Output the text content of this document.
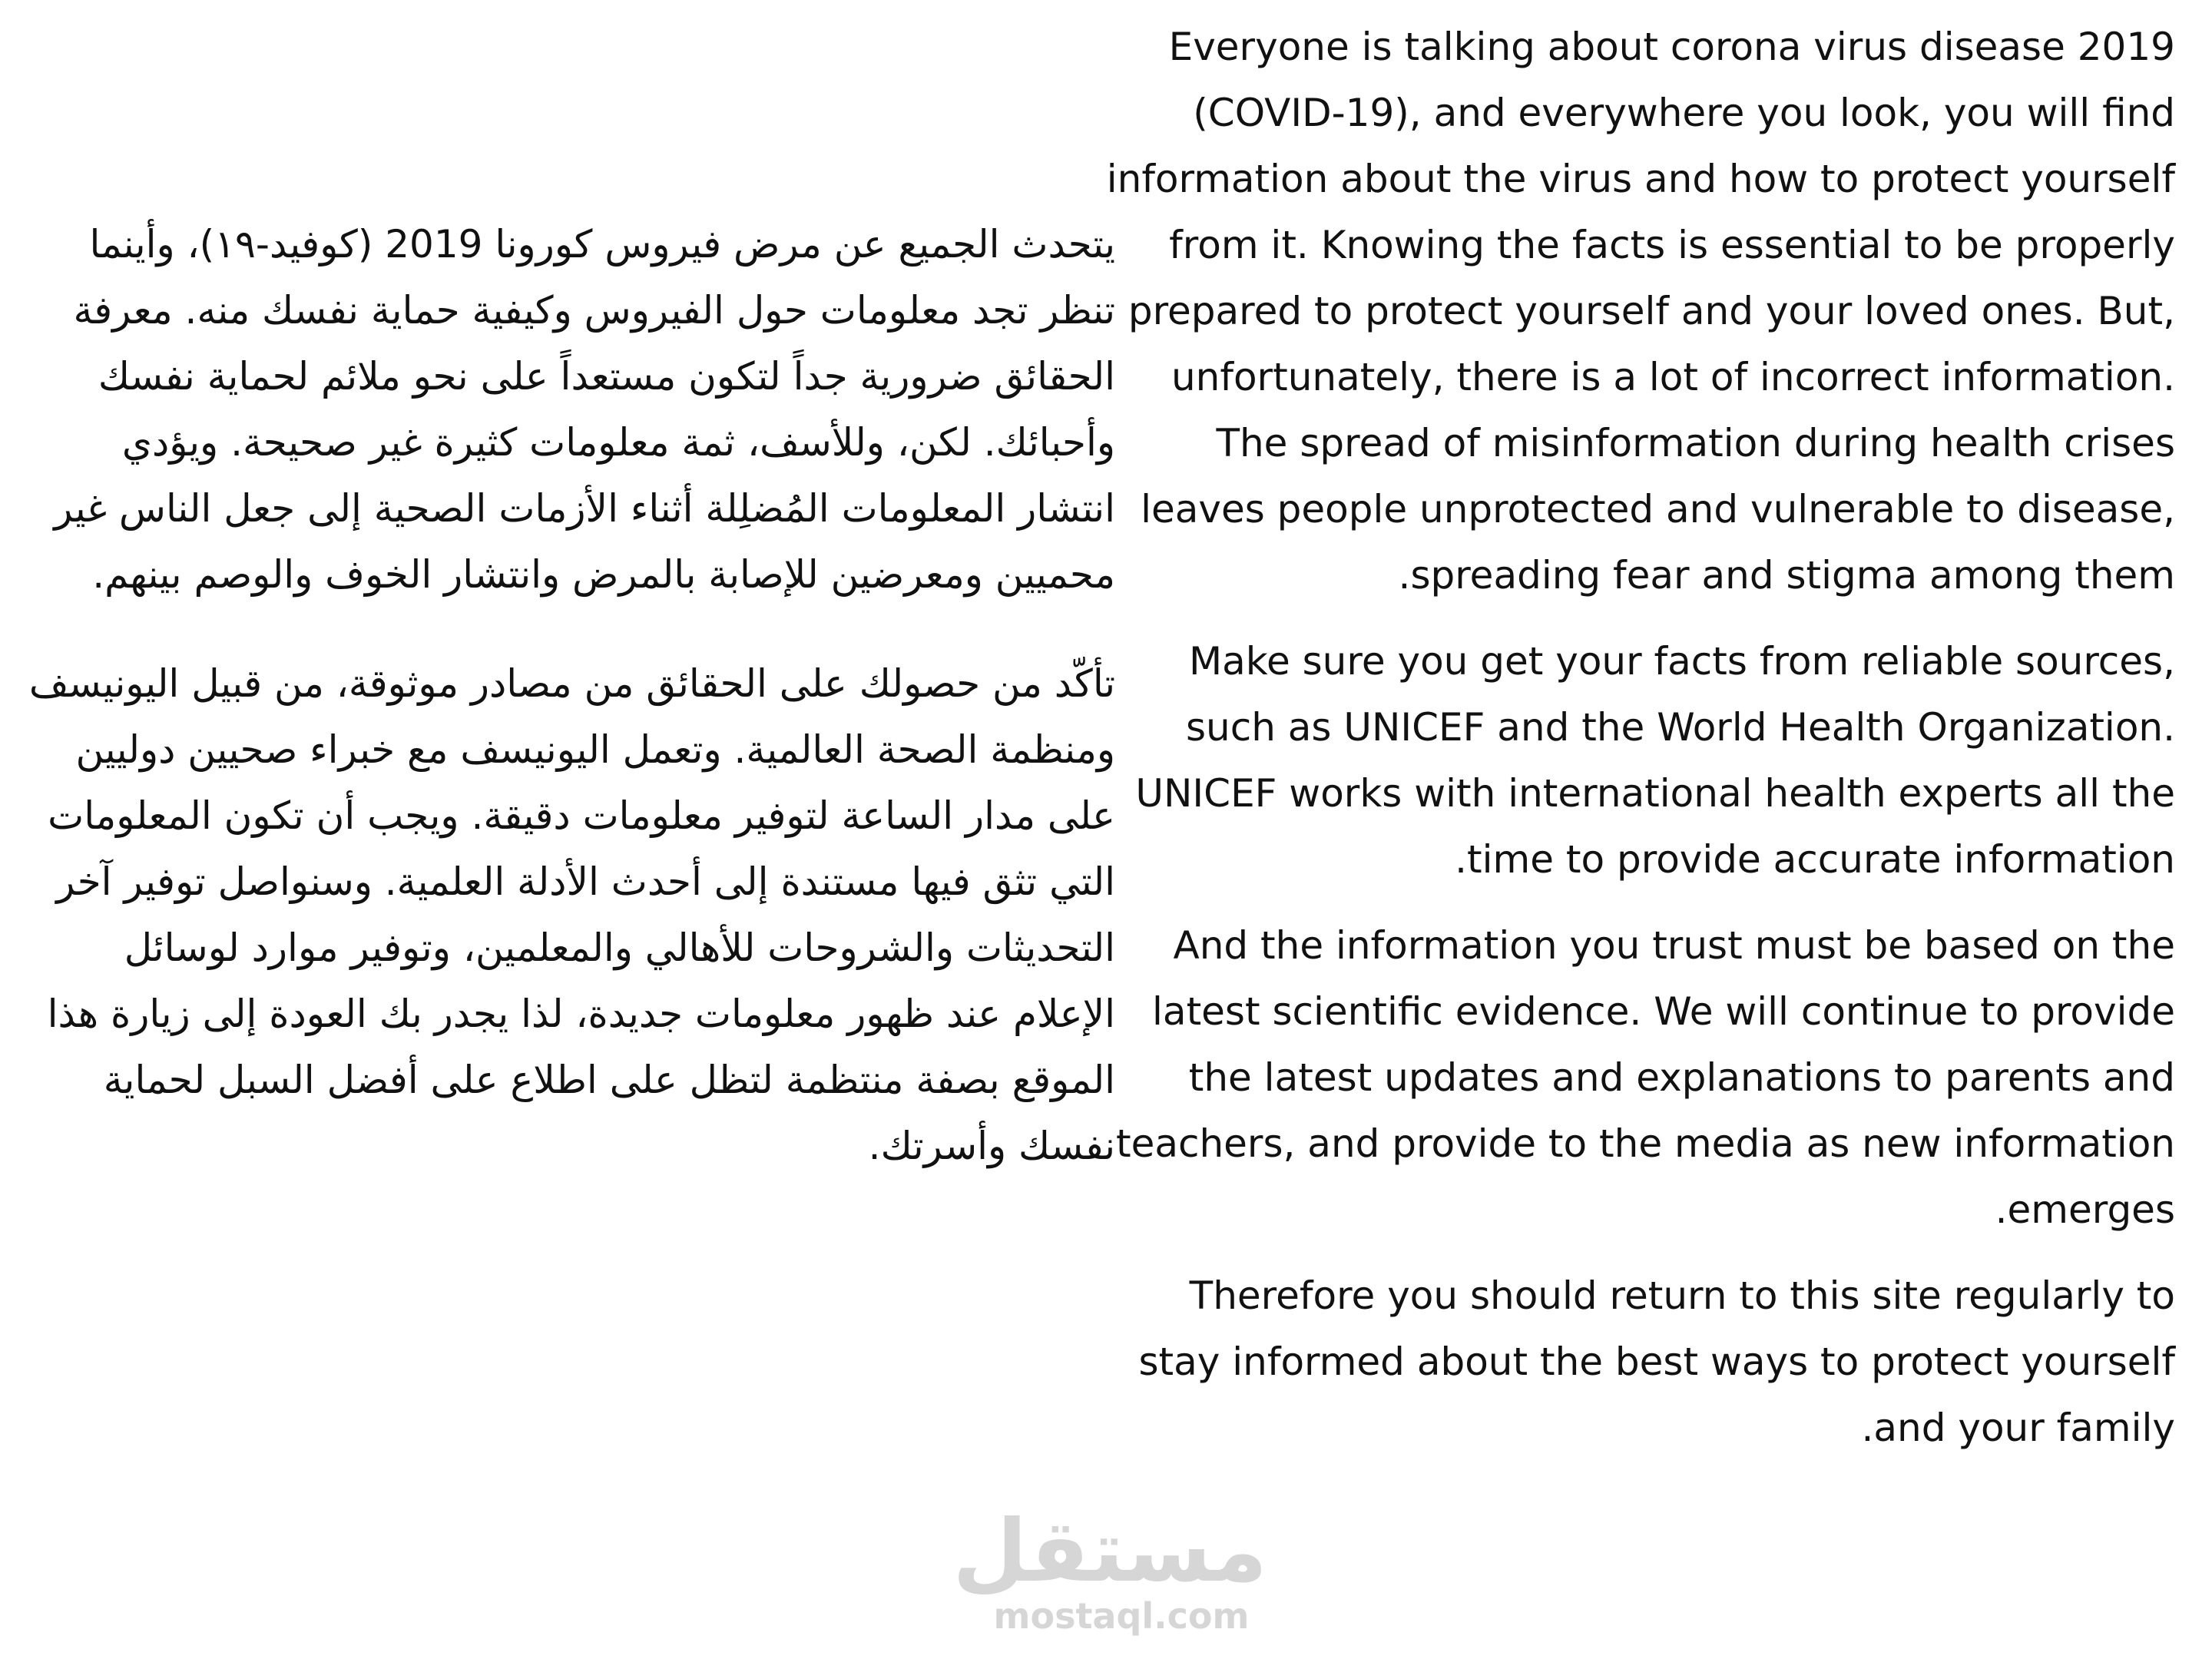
يتحدث الجميع عن مرض فيروس كورونا 2019 (كوفيد-١٩)، وأينما تنظر تجد معلومات حول الفيروس وكيفية حماية نفسك منه. معرفة الحقائق ضرورية جداً لتكون مستعداً على نحو ملائم لحماية نفسك وأحبائك. لكن، وللأسف، ثمة معلومات كثيرة غير صحيحة. ويؤدي انتشار المعلومات المُضلِلة أثناء الأزمات الصحية إلى جعل الناس غير محميين ومعرضين للإصابة بالمرض وانتشار الخوف والوصم بينهم.

تأكّد من حصولك على الحقائق من مصادر موثوقة، من قبيل اليونيسف ومنظمة الصحة العالمية. وتعمل اليونيسف مع خبراء صحيين دوليين على مدار الساعة لتوفير معلومات دقيقة. ويجب أن تكون المعلومات التي تثق فيها مستندة إلى أحدث الأدلة العلمية. وسنواصل توفير آخر التحديثات والشروحات للأهالي والمعلمين، وتوفير موارد لوسائل الإعلام عند ظهور معلومات جديدة، لذا يجدر بك العودة إلى زيارة هذا الموقع بصفة منتظمة لتظل على اطلاع على أفضل السبل لحماية نفسك وأسرتك.

Everyone is talking about corona virus disease 2019 (COVID-19), and everywhere you look, you will find information about the virus and how to protect yourself from it. Knowing the facts is essential to be properly prepared to protect yourself and your loved ones. But, unfortunately, there is a lot of incorrect information. The spread of misinformation during health crises leaves people unprotected and vulnerable to disease, spreading fear and stigma among them.

Make sure you get your facts from reliable sources, such as UNICEF and the World Health Organization. UNICEF works with international health experts all the time to provide accurate information.

And the information you trust must be based on the latest scientific evidence. We will continue to provide the latest updates and explanations to parents and teachers, and provide to the media as new information emerges.

Therefore you should return to this site regularly to stay informed about the best ways to protect yourself and your family.

مستقل
mostaql.com
